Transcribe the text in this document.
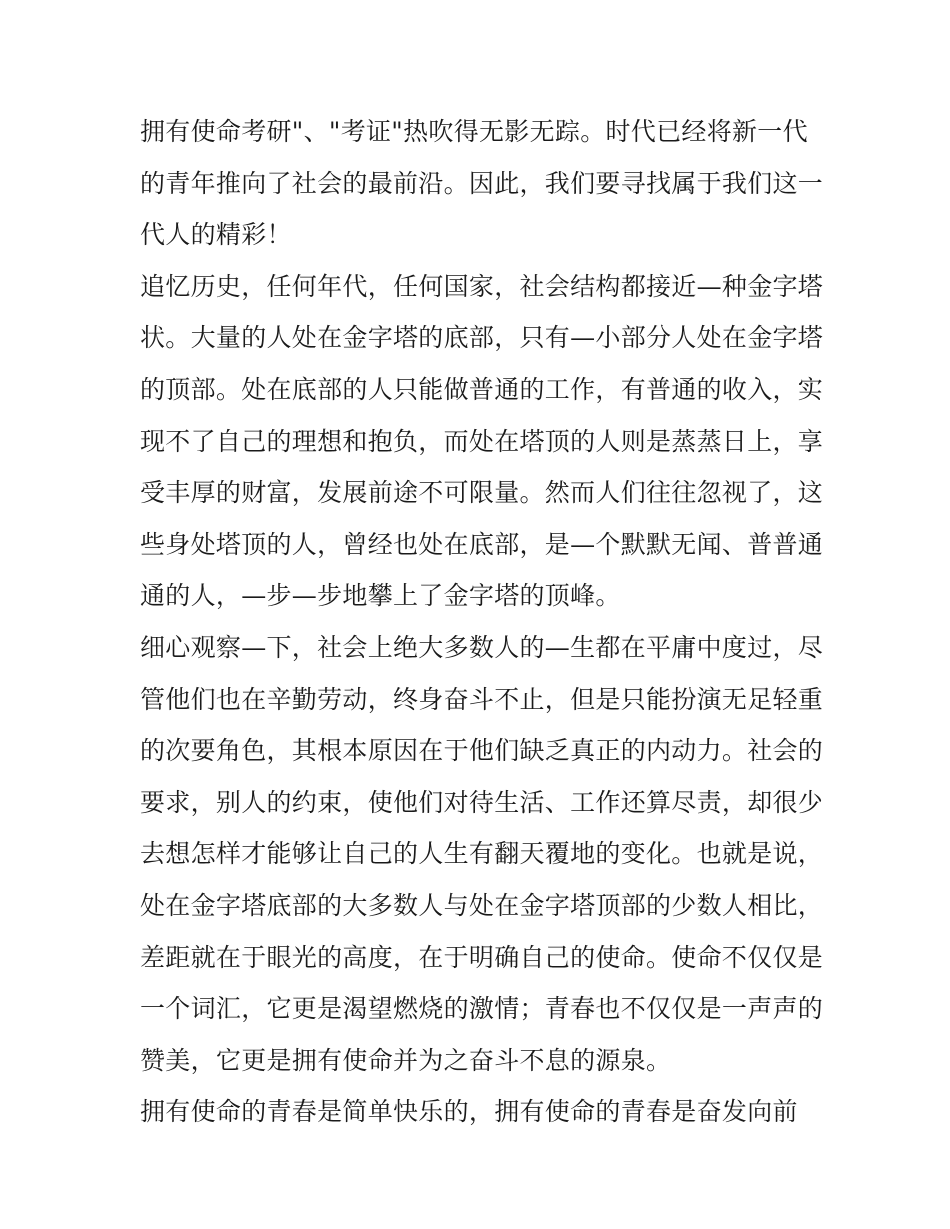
拥有使命考研"、"考证"热吹得无影无踪。时代已经将新一代
的青年推向了社会的最前沿。因此，我们要寻找属于我们这一
代人的精彩！
追忆历史，任何年代，任何国家，社会结构都接近—种金字塔
状。大量的人处在金字塔的底部，只有—小部分人处在金字塔
的顶部。处在底部的人只能做普通的工作，有普通的收入，实
现不了自己的理想和抱负，而处在塔顶的人则是蒸蒸日上，享
受丰厚的财富，发展前途不可限量。然而人们往往忽视了，这
些身处塔顶的人，曾经也处在底部，是—个默默无闻、普普通
通的人，—步—步地攀上了金字塔的顶峰。
细心观察—下，社会上绝大多数人的—生都在平庸中度过，尽
管他们也在辛勤劳动，终身奋斗不止，但是只能扮演无足轻重
的次要角色，其根本原因在于他们缺乏真正的内动力。社会的
要求，别人的约束，使他们对待生活、工作还算尽责，却很少
去想怎样才能够让自己的人生有翻天覆地的变化。也就是说，
处在金字塔底部的大多数人与处在金字塔顶部的少数人相比，
差距就在于眼光的高度，在于明确自己的使命。使命不仅仅是
一个词汇，它更是渴望燃烧的激情；青春也不仅仅是一声声的
赞美，它更是拥有使命并为之奋斗不息的源泉。
拥有使命的青春是简单快乐的，拥有使命的青春是奋发向前
